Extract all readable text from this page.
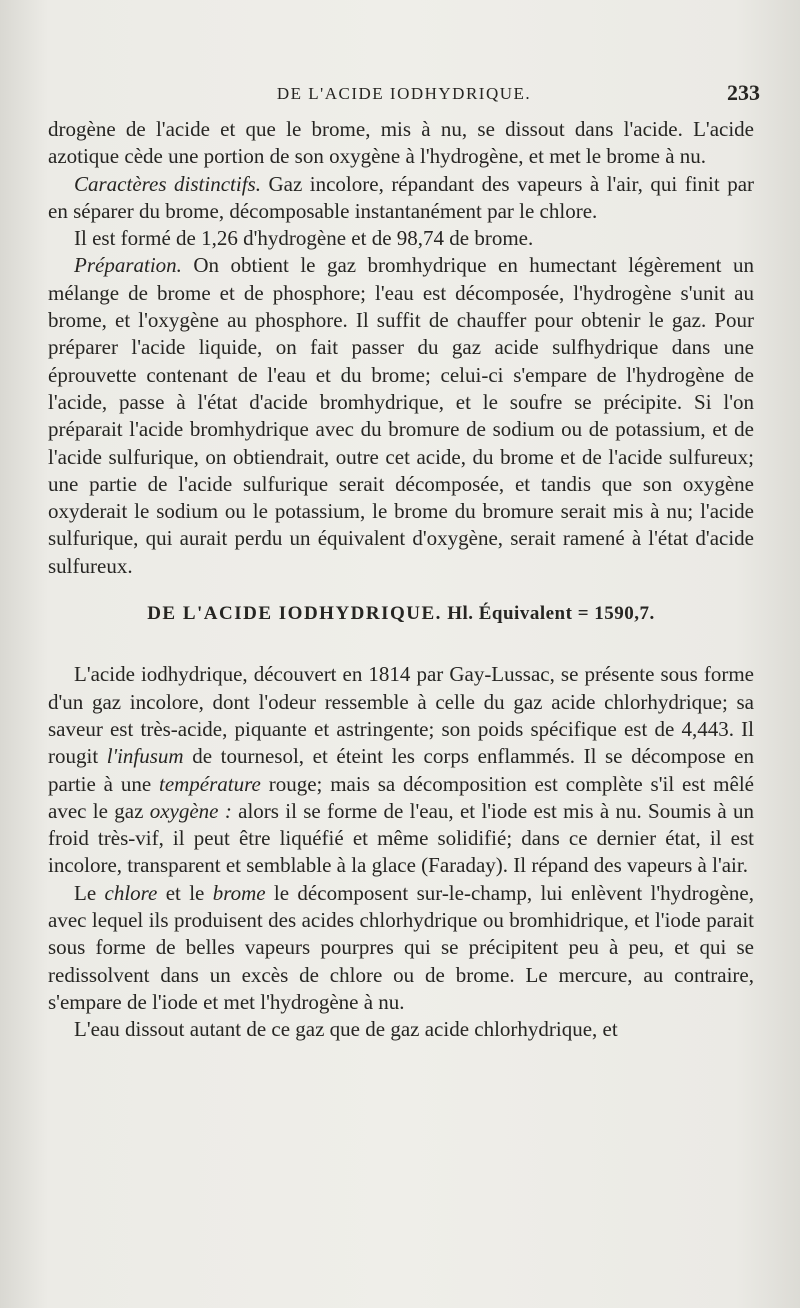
DE L'ACIDE IODHYDRIQUE.	233

drogène de l'acide et que le brome, mis à nu, se dissout dans l'acide. L'acide azotique cède une portion de son oxygène à l'hydrogène, et met le brome à nu.

Caractères distinctifs. Gaz incolore, répandant des vapeurs à l'air, qui finit par en séparer du brome, décomposable instantanément par le chlore.

Il est formé de 1,26 d'hydrogène et de 98,74 de brome.

Préparation. On obtient le gaz bromhydrique en humectant légèrement un mélange de brome et de phosphore; l'eau est décomposée, l'hydrogène s'unit au brome, et l'oxygène au phosphore. Il suffit de chauffer pour obtenir le gaz. Pour préparer l'acide liquide, on fait passer du gaz acide sulfhydrique dans une éprouvette contenant de l'eau et du brome; celui-ci s'empare de l'hydrogène de l'acide, passe à l'état d'acide bromhydrique, et le soufre se précipite. Si l'on préparait l'acide bromhydrique avec du bromure de sodium ou de potassium, et de l'acide sulfurique, on obtiendrait, outre cet acide, du brome et de l'acide sulfureux; une partie de l'acide sulfurique serait décomposée, et tandis que son oxygène oxyderait le sodium ou le potassium, le brome du bromure serait mis à nu; l'acide sulfurique, qui aurait perdu un équivalent d'oxygène, serait ramené à l'état d'acide sulfureux.

DE L'ACIDE IODHYDRIQUE. Hl. Équivalent = 1590,7.

L'acide iodhydrique, découvert en 1814 par Gay-Lussac, se présente sous forme d'un gaz incolore, dont l'odeur ressemble à celle du gaz acide chlorhydrique; sa saveur est très-acide, piquante et astringente; son poids spécifique est de 4,443. Il rougit l'infusum de tournesol, et éteint les corps enflammés. Il se décompose en partie à une température rouge; mais sa décomposition est complète s'il est mêlé avec le gaz oxygène : alors il se forme de l'eau, et l'iode est mis à nu. Soumis à un froid très-vif, il peut être liquéfié et même solidifié; dans ce dernier état, il est incolore, transparent et semblable à la glace (Faraday). Il répand des vapeurs à l'air.

Le chlore et le brome le décomposent sur-le-champ, lui enlèvent l'hydrogène, avec lequel ils produisent des acides chlorhydrique ou bromhidrique, et l'iode parait sous forme de belles vapeurs pourpres qui se précipitent peu à peu, et qui se redissolvent dans un excès de chlore ou de brome. Le mercure, au contraire, s'empare de l'iode et met l'hydrogène à nu.

L'eau dissout autant de ce gaz que de gaz acide chlorhydrique, et
